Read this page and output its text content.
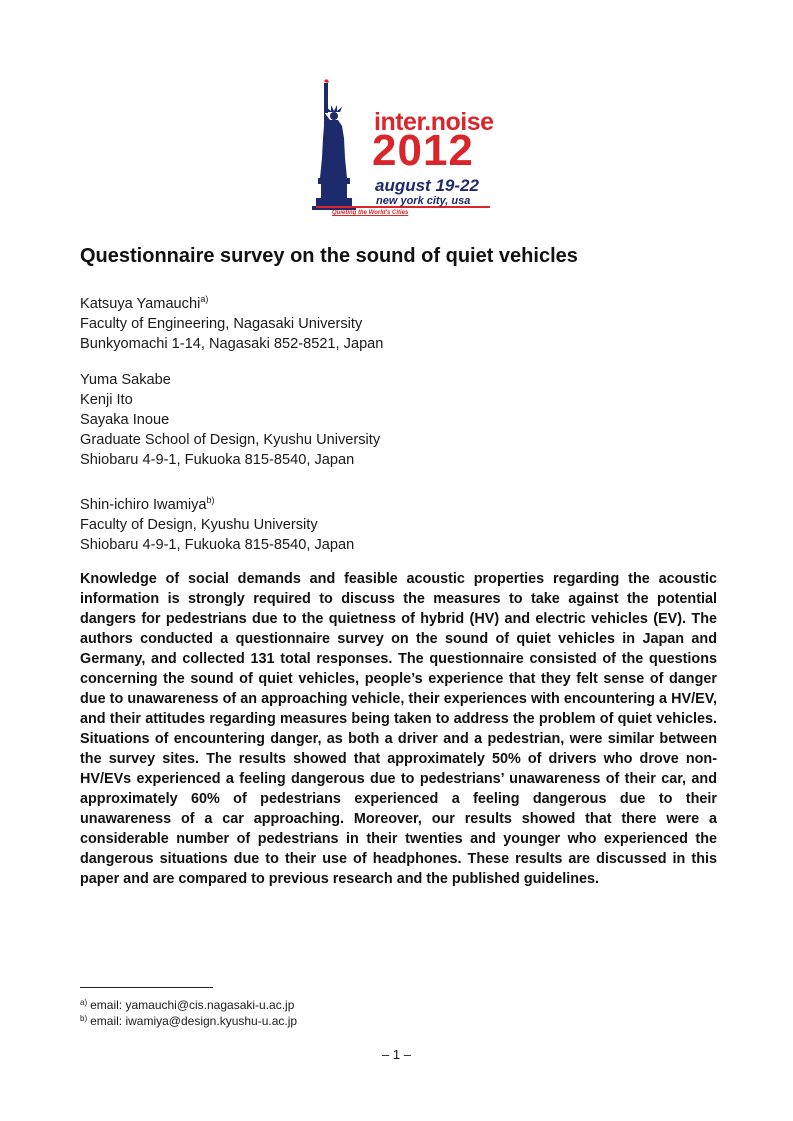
inter.noise
2012
august 19-22
new york city, usa
Quieting the World's Cities
Questionnaire survey on the sound of quiet vehicles
Katsuya Yamauchi$^{a)}$
Faculty of Engineering, Nagasaki University
Bunkyomachi 1-14, Nagasaki 852-8521, Japan
Yuma Sakabe
Kenji Ito
Sayaka Inoue
Graduate School of Design, Kyushu University
Shiobaru 4-9-1, Fukuoka 815-8540, Japan
Shin-ichiro Iwamiya$^{b)}$
Faculty of Design, Kyushu University
Shiobaru 4-9-1, Fukuoka 815-8540, Japan
Knowledge of social demands and feasible acoustic properties regarding the acoustic information is strongly required to discuss the measures to take against the potential dangers for pedestrians due to the quietness of hybrid (HV) and electric vehicles (EV). The authors conducted a questionnaire survey on the sound of quiet vehicles in Japan and Germany, and collected 131 total responses. The questionnaire consisted of the questions concerning the sound of quiet vehicles, people’s experience that they felt sense of danger due to unawareness of an approaching vehicle, their experiences with encountering a HV/EV, and their attitudes regarding measures being taken to address the problem of quiet vehicles. Situations of encountering danger, as both a driver and a pedestrian, were similar between the survey sites. The results showed that approximately 50% of drivers who drove non-HV/EVs experienced a feeling dangerous due to pedestrians’ unawareness of their car, and approximately 60% of pedestrians experienced a feeling dangerous due to their unawareness of a car approaching. Moreover, our results showed that there were a considerable number of pedestrians in their twenties and younger who experienced the dangerous situations due to their use of headphones. These results are discussed in this paper and are compared to previous research and the published guidelines.
$^{a)}$ email: yamauchi@cis.nagasaki-u.ac.jp
$^{b)}$ email: iwamiya@design.kyushu-u.ac.jp
– 1 –
